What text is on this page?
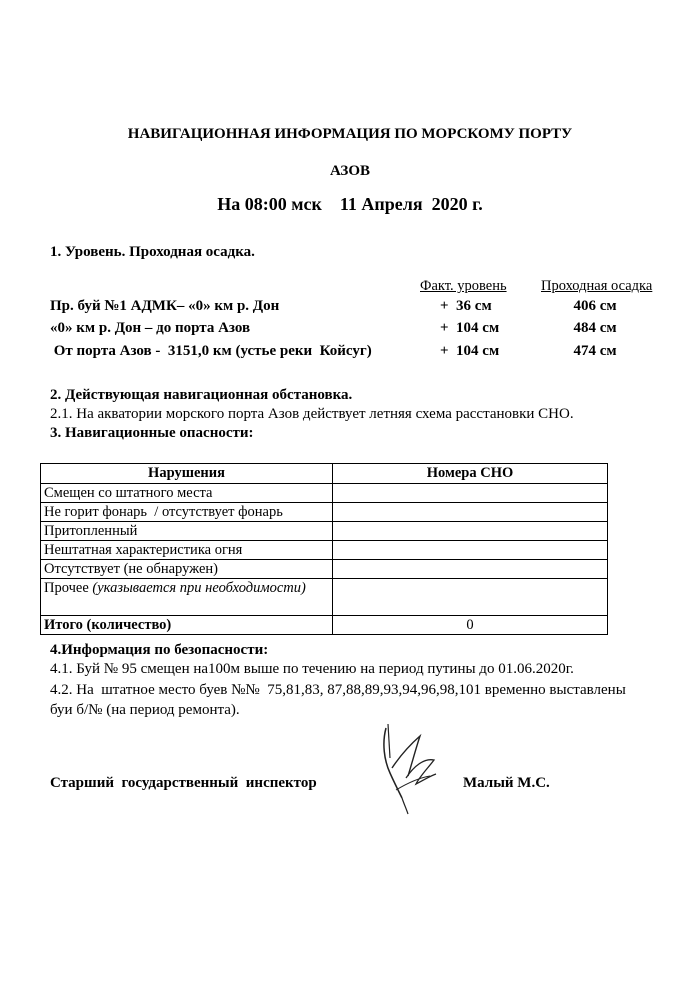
НАВИГАЦИОННАЯ ИНФОРМАЦИЯ ПО МОРСКОМУ ПОРТУ
АЗОВ
На 08:00 мск    11 Апреля  2020 г.
1. Уровень. Проходная осадка.
Факт. уровень Проходная осадка
Пр. буй №1 АДМК– «0» км р. Дон	+  36 см	406 см
«0» км р. Дон – до порта Азов	+  104 см	484 см
От порта Азов -  3151,0 км (устье реки  Койсуг)	+  104 см	474 см
2. Действующая навигационная обстановка.
2.1. На акватории морского порта Азов действует летняя схема расстановки СНО.
3. Навигационные опасности:
Нарушения	Номера СНО
Смещен со штатного места	
Не горит фонарь  / отсутствует фонарь	
Притопленный	
Нештатная характеристика огня	
Отсутствует (не обнаружен)	
Прочее (указывается при необходимости)	
Итого (количество)	0
4.Информация по безопасности:
4.1. Буй № 95 смещен на100м выше по течению на период путины до 01.06.2020г.
4.2. На  штатное место буев №№  75,81,83, 87,88,89,93,94,96,98,101 временно выставлены
буи б/№ (на период ремонта).
Старший  государственный  инспектор	Малый М.С.
